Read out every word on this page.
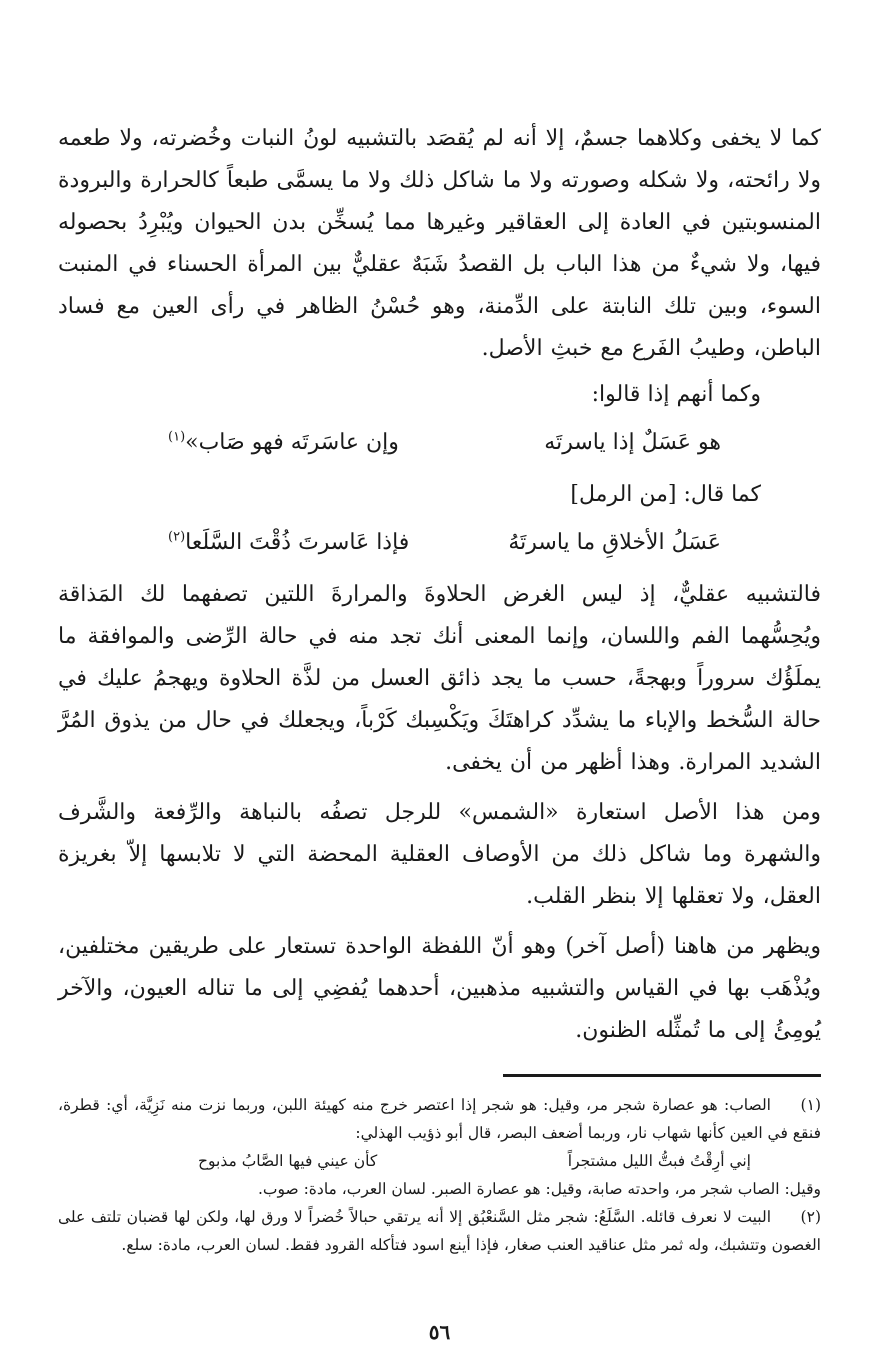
كما لا يخفى وكلاهما جسمٌ، إلا أنه لم يُقصَد بالتشبيه لونُ النبات وخُضرته، ولا طعمه ولا رائحته، ولا شكله وصورته ولا ما شاكل ذلك ولا ما يسمَّى طبعاً كالحرارة والبرودة المنسوبتين في العادة إلى العقاقير وغيرها مما يُسخِّن بدن الحيوان ويُبْرِدُ بحصوله فيها، ولا شيءٌ من هذا الباب بل القصدُ شَبَهٌ عقليٌّ بين المرأة الحسناء في المنبت السوء، وبين تلك النابتة على الدِّمنة، وهو حُسْنُ الظاهر في رأى العين مع فساد الباطن، وطيبُ الفَرع مع خبثِ الأصل.

وكما أنهم إذا قالوا:

هو عَسَلٌ إذا ياسرتَه
وإن عاسَرتَه فهو صَاب»$^{(١)}$

كما قال: [من الرمل]

عَسَلُ الأخلاقِ ما ياسرتَهُ
فإذا عَاسرتَ ذُقْتَ السَّلَعا$^{(٢)}$

فالتشبيه عقليٌّ، إذ ليس الغرض الحلاوةَ والمرارةَ اللتين تصفهما لك المَذاقة ويُحِسُّهما الفم واللسان، وإنما المعنى أنك تجد منه في حالة الرِّضى والموافقة ما يملَؤُك سروراً وبهجةً، حسب ما يجد ذائق العسل من لذَّة الحلاوة ويهجمُ عليك في حالة السُّخط والإباء ما يشدِّد كراهتَكَ ويَكْسِبك كَرْباً، ويجعلك في حال من يذوق المُرَّ الشديد المرارة. وهذا أظهر من أن يخفى.

ومن هذا الأصل استعارة «الشمس» للرجل تصفُه بالنباهة والرِّفعة والشَّرف والشهرة وما شاكل ذلك من الأوصاف العقلية المحضة التي لا تلابسها إلاّ بغريزة العقل، ولا تعقلها إلا بنظر القلب.

ويظهر من هاهنا (أصل آخر) وهو أنّ اللفظة الواحدة تستعار على طريقين مختلفين، ويُذْهَب بها في القياس والتشبيه مذهبين، أحدهما يُفضِي إلى ما تناله العيون، والآخر يُومِئُ إلى ما تُمثِّله الظنون.

(١)الصاب: هو عصارة شجر مر، وقيل: هو شجر إذا اعتصر خرج منه كهيئة اللبن، وربما نزت منه نَزِيَّة، أي: قطرة، فنقع في العين كأنها شهاب نار، وربما أضعف البصر، قال أبو ذؤيب الهذلي:

إني أرِقْتُ فبتُّ الليل مشتجراً
كأن عيني فيها الصَّابُ مذبوح

وقيل: الصاب شجر مر، واحدته صابة، وقيل: هو عصارة الصبر. لسان العرب، مادة: صوب.

(٢)البيت لا نعرف قائله. السَّلَعُ: شجر مثل السَّنعْبُق إلا أنه يرتقي حبالاً خُضراً لا ورق لها، ولكن لها قضبان تلتف على الغصون وتتشبك، وله ثمر مثل عناقيد العنب صغار، فإذا أينع اسود فتأكله القرود فقط. لسان العرب، مادة: سلع.

٥٦
